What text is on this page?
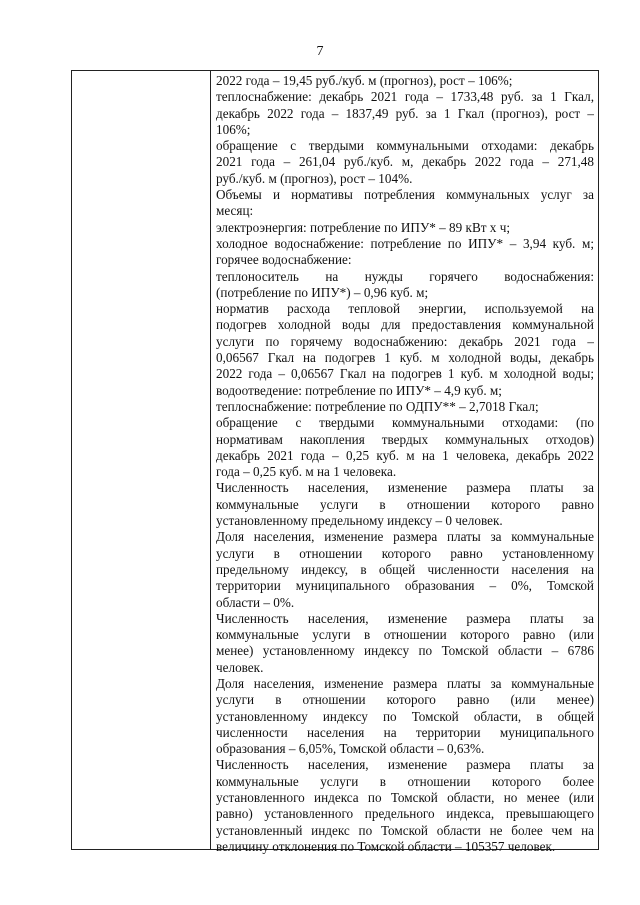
7
2022 года – 19,45 руб./куб. м (прогноз), рост – 106%;
теплоснабжение: декабрь 2021 года – 1733,48 руб. за 1 Гкал,
декабрь 2022 года – 1837,49 руб. за 1 Гкал (прогноз), рост –
106%;
обращение с твердыми коммунальными отходами: декабрь
2021 года – 261,04 руб./куб. м, декабрь 2022 года – 271,48
руб./куб. м (прогноз), рост – 104%.
Объемы и нормативы потребления коммунальных услуг за
месяц:
электроэнергия: потребление по ИПУ* – 89 кВт х ч;
холодное водоснабжение: потребление по ИПУ* – 3,94 куб. м;
горячее водоснабжение:
теплоноситель на нужды горячего водоснабжения:
(потребление по ИПУ*) – 0,96 куб. м;
норматив расхода тепловой энергии, используемой на
подогрев холодной воды для предоставления коммунальной
услуги по горячему водоснабжению: декабрь 2021 года –
0,06567 Гкал на подогрев 1 куб. м холодной воды, декабрь
2022 года – 0,06567 Гкал на подогрев 1 куб. м холодной воды;
водоотведение: потребление по ИПУ* – 4,9 куб. м;
теплоснабжение: потребление по ОДПУ** – 2,7018 Гкал;
обращение с твердыми коммунальными отходами: (по
нормативам накопления твердых коммунальных отходов)
декабрь 2021 года – 0,25 куб. м на 1 человека, декабрь 2022
года – 0,25 куб. м на 1 человека.
Численность населения, изменение размера платы за
коммунальные услуги в отношении которого равно
установленному предельному индексу – 0 человек.
Доля населения, изменение размера платы за коммунальные
услуги в отношении которого равно установленному
предельному индексу, в общей численности населения на
территории муниципального образования – 0%, Томской
области – 0%.
Численность населения, изменение размера платы за
коммунальные услуги в отношении которого равно (или
менее) установленному индексу по Томской области – 6786
человек.
Доля населения, изменение размера платы за коммунальные
услуги в отношении которого равно (или менее)
установленному индексу по Томской области, в общей
численности населения на территории муниципального
образования – 6,05%, Томской области – 0,63%.
Численность населения, изменение размера платы за
коммунальные услуги в отношении которого более
установленного индекса по Томской области, но менее (или
равно) установленного предельного индекса, превышающего
установленный индекс по Томской области не более чем на
величину отклонения по Томской области – 105357 человек.
